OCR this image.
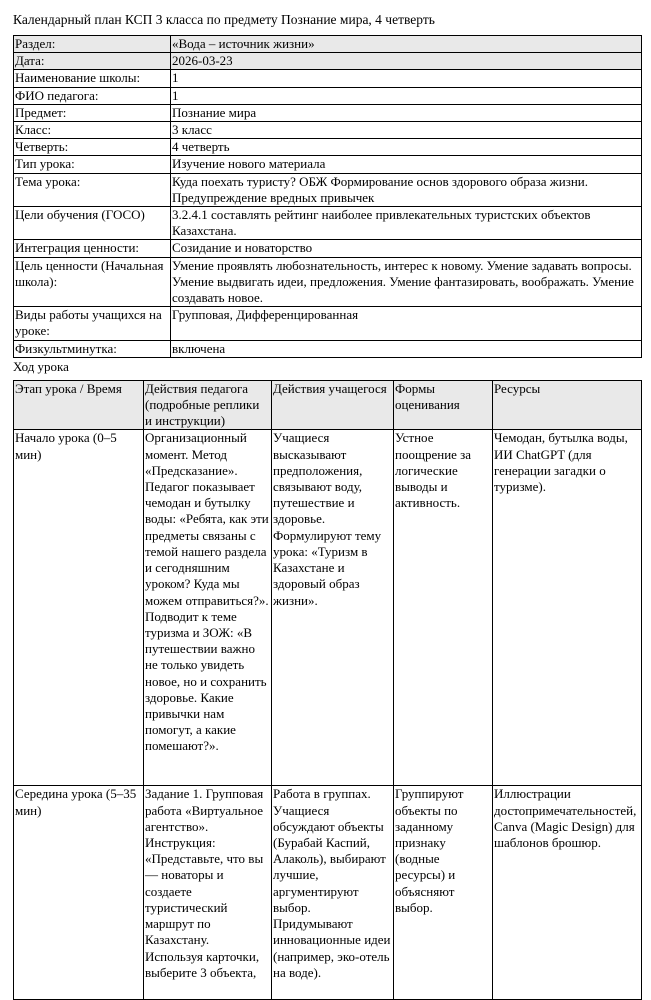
Календарный план КСП 3 класса по предмету Познание мира, 4 четверть
Раздел:	«Вода – источник жизни»
Дата:	2026-03-23
Наименование школы:	1
ФИО педагога:	1
Предмет:	Познание мира
Класс:	3 класс
Четверть:	4 четверть
Тип урока:	Изучение нового материала
Тема урока:	Куда поехать туристу? ОБЖ Формирование основ здорового образа жизни. Предупреждение вредных привычек
Цели обучения (ГОСО)	3.2.4.1 составлять рейтинг наиболее привлекательных туристских объектов Казахстана.
Интеграция ценности:	Созидание и новаторство
Цель ценности (Начальная школа):	Умение проявлять любознательность, интерес к новому. Умение задавать вопросы. Умение выдвигать идеи, предложения. Умение фантазировать, воображать. Умение создавать новое.
Виды работы учащихся на уроке:	Групповая, Дифференцированная
Физкультминутка:	включена
Ход урока
Этап урока / Время	Действия педагога (подробные реплики и инструкции)	Действия учащегося	Формы оценивания	Ресурсы
Начало урока (0–5 мин)	Организационный момент. Метод «Предсказание». Педагог показывает чемодан и бутылку воды: «Ребята, как эти предметы связаны с темой нашего раздела и сегодняшним уроком? Куда мы можем отправиться?». Подводит к теме туризма и ЗОЖ: «В путешествии важно не только увидеть новое, но и сохранить здоровье. Какие привычки нам помогут, а какие помешают?».	Учащиеся высказывают предположения, связывают воду, путешествие и здоровье. Формулируют тему урока: «Туризм в Казахстане и здоровый образ жизни».	Устное поощрение за логические выводы и активность.	Чемодан, бутылка воды, ИИ ChatGPT (для генерации загадки о туризме).
Середина урока (5–35 мин)	Задание 1. Групповая работа «Виртуальное агентство». Инструкция: «Представьте, что вы — новаторы и создаете туристический маршрут по Казахстану. Используя карточки, выберите 3 объекта,	Работа в группах. Учащиеся обсуждают объекты (Бурабай Каспий, Алаколь), выбирают лучшие, аргументируют выбор. Придумывают инновационные идеи (например, эко-отель на воде).	Группируют объекты по заданному признаку (водные ресурсы) и объясняют выбор.	Иллюстрации достопримечательностей, Canva (Magic Design) для шаблонов брошюр.
